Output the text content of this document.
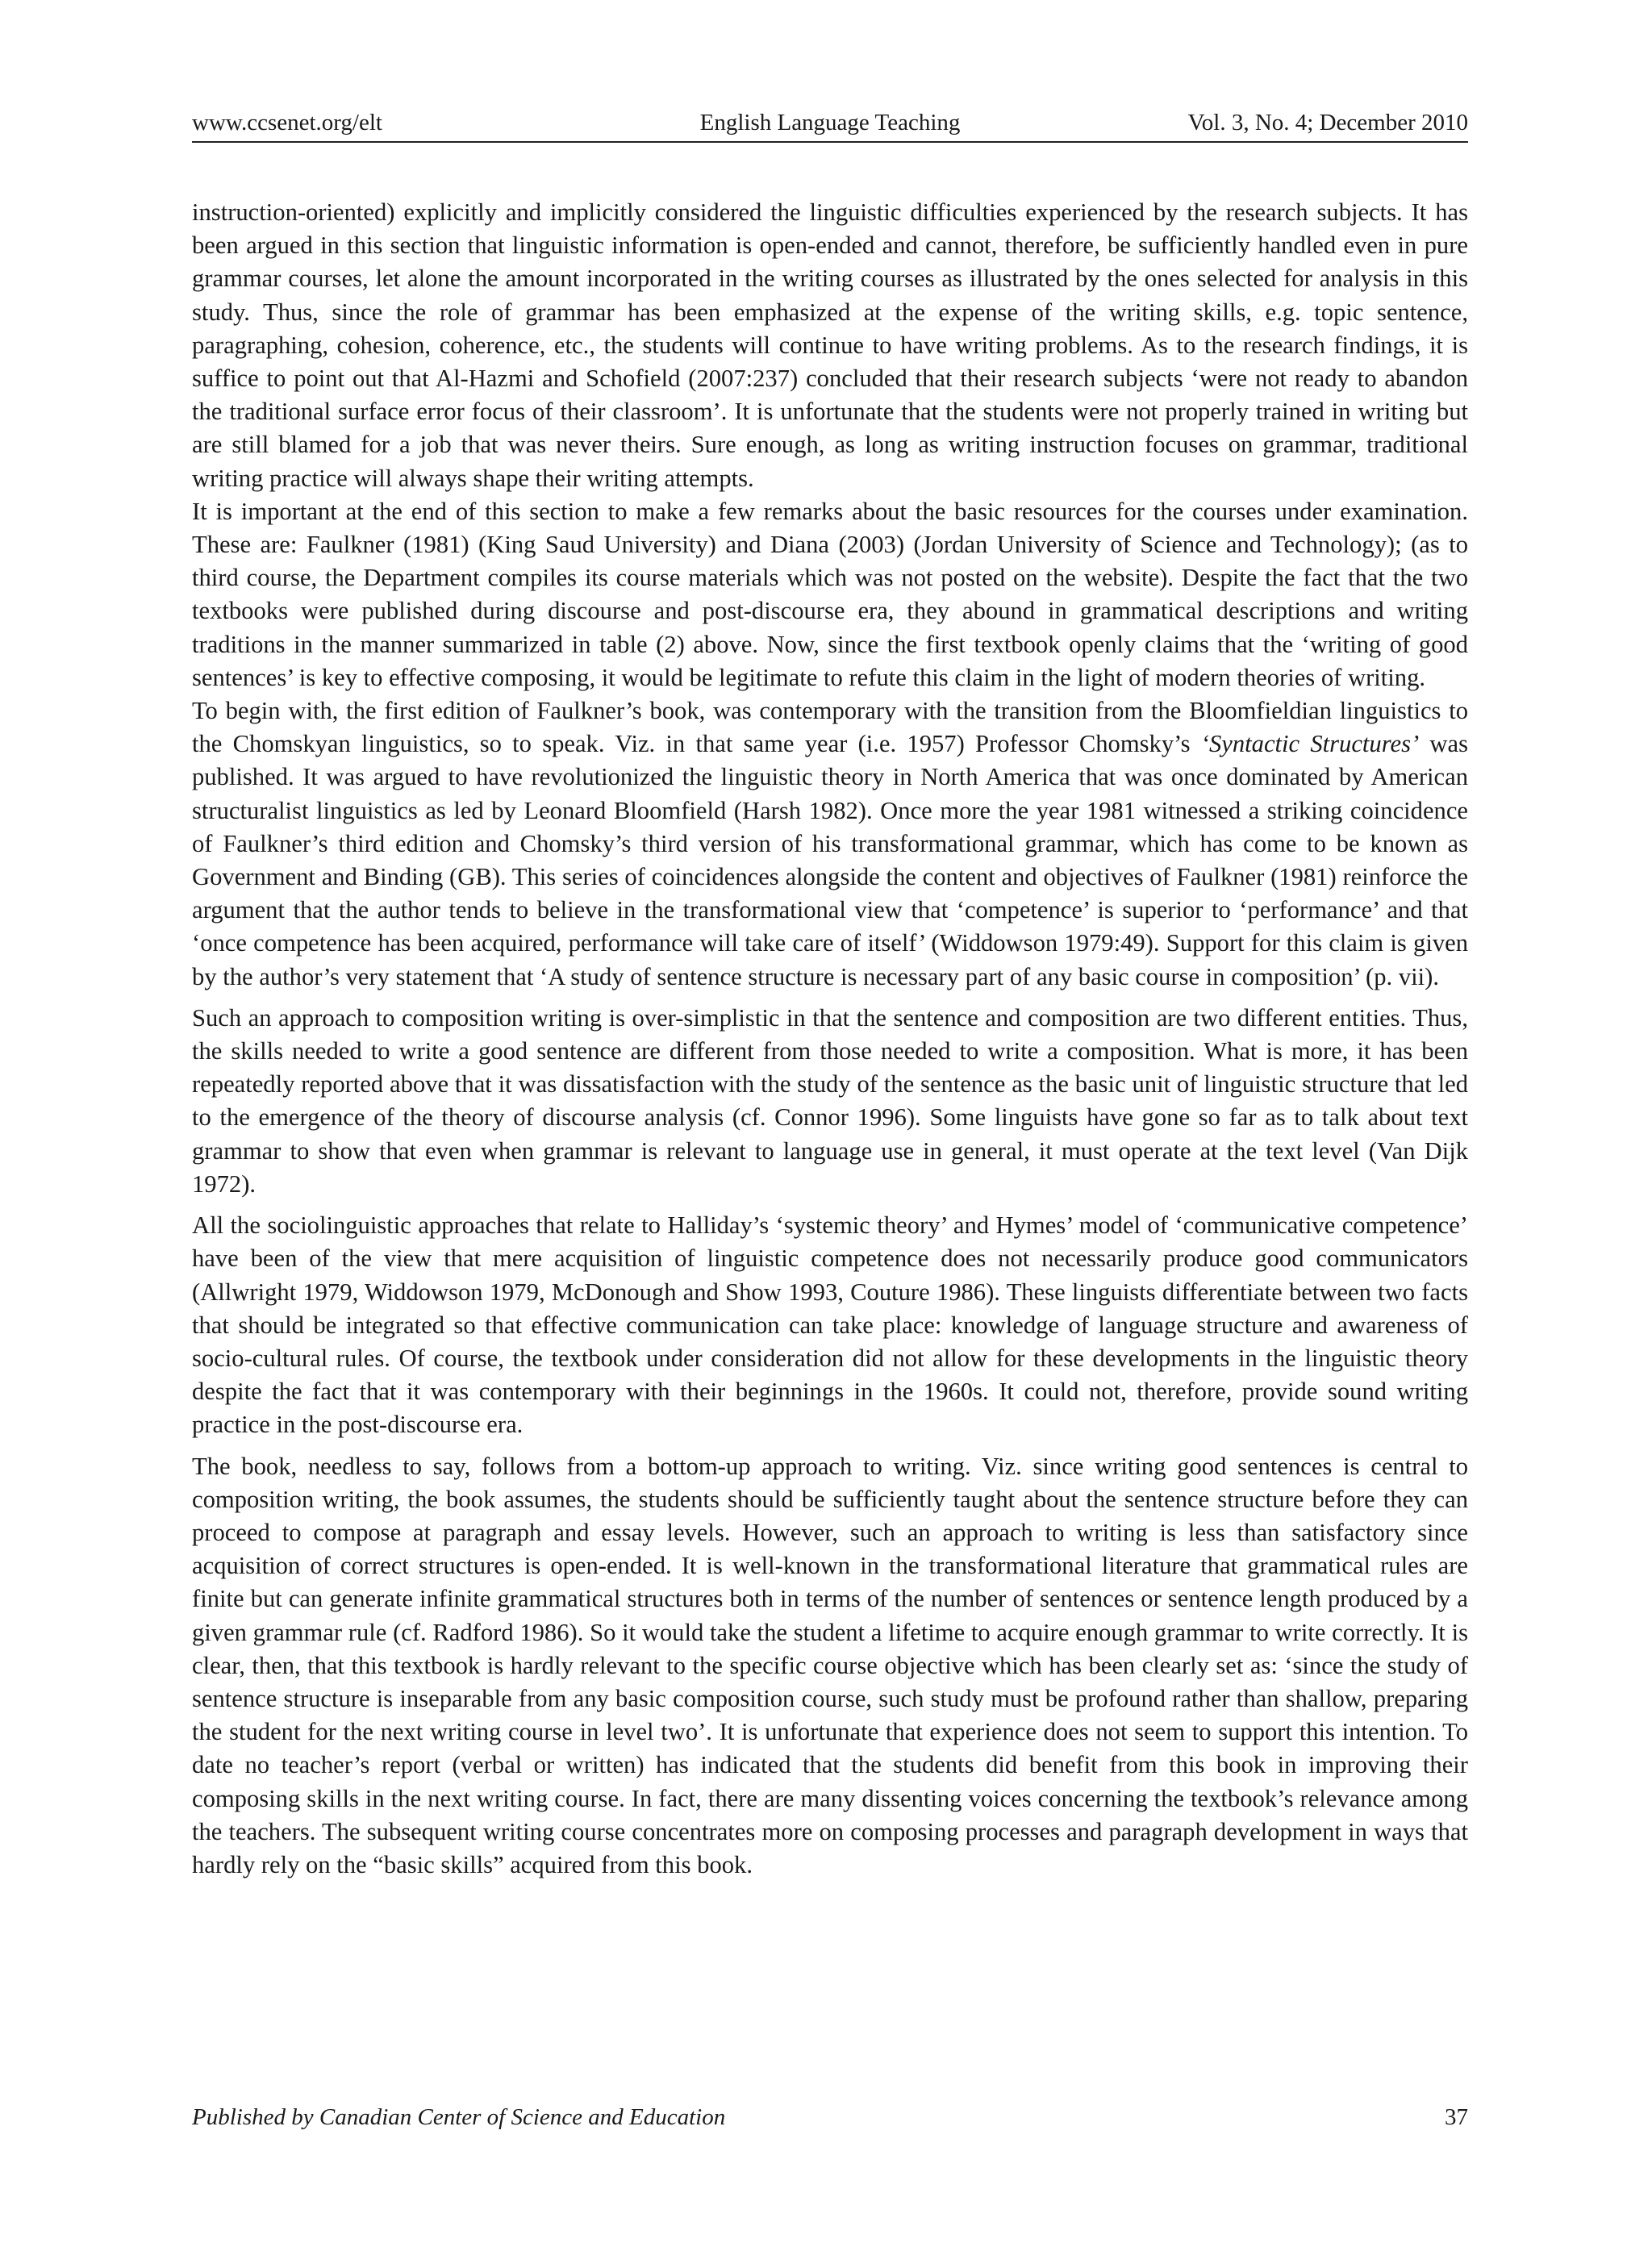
www.ccsenet.org/elt	English Language Teaching	Vol. 3, No. 4; December 2010

instruction-oriented) explicitly and implicitly considered the linguistic difficulties experienced by the research subjects. It has been argued in this section that linguistic information is open-ended and cannot, therefore, be sufficiently handled even in pure grammar courses, let alone the amount incorporated in the writing courses as illustrated by the ones selected for analysis in this study. Thus, since the role of grammar has been emphasized at the expense of the writing skills, e.g. topic sentence, paragraphing, cohesion, coherence, etc., the students will continue to have writing problems. As to the research findings, it is suffice to point out that Al-Hazmi and Schofield (2007:237) concluded that their research subjects ‘were not ready to abandon the traditional surface error focus of their classroom’. It is unfortunate that the students were not properly trained in writing but are still blamed for a job that was never theirs. Sure enough, as long as writing instruction focuses on grammar, traditional writing practice will always shape their writing attempts.

It is important at the end of this section to make a few remarks about the basic resources for the courses under examination. These are: Faulkner (1981) (King Saud University) and Diana (2003) (Jordan University of Science and Technology); (as to third course, the Department compiles its course materials which was not posted on the website). Despite the fact that the two textbooks were published during discourse and post-discourse era, they abound in grammatical descriptions and writing traditions in the manner summarized in table (2) above. Now, since the first textbook openly claims that the ‘writing of good sentences’ is key to effective composing, it would be legitimate to refute this claim in the light of modern theories of writing.

To begin with, the first edition of Faulkner’s book, was contemporary with the transition from the Bloomfieldian linguistics to the Chomskyan linguistics, so to speak. Viz. in that same year (i.e. 1957) Professor Chomsky’s ‘Syntactic Structures’ was published. It was argued to have revolutionized the linguistic theory in North America that was once dominated by American structuralist linguistics as led by Leonard Bloomfield (Harsh 1982). Once more the year 1981 witnessed a striking coincidence of Faulkner’s third edition and Chomsky’s third version of his transformational grammar, which has come to be known as Government and Binding (GB). This series of coincidences alongside the content and objectives of Faulkner (1981) reinforce the argument that the author tends to believe in the transformational view that ‘competence’ is superior to ‘performance’ and that ‘once competence has been acquired, performance will take care of itself’ (Widdowson 1979:49). Support for this claim is given by the author’s very statement that ‘A study of sentence structure is necessary part of any basic course in composition’ (p. vii).

Such an approach to composition writing is over-simplistic in that the sentence and composition are two different entities. Thus, the skills needed to write a good sentence are different from those needed to write a composition. What is more, it has been repeatedly reported above that it was dissatisfaction with the study of the sentence as the basic unit of linguistic structure that led to the emergence of the theory of discourse analysis (cf. Connor 1996). Some linguists have gone so far as to talk about text grammar to show that even when grammar is relevant to language use in general, it must operate at the text level (Van Dijk 1972).

All the sociolinguistic approaches that relate to Halliday’s ‘systemic theory’ and Hymes’ model of ‘communicative competence’ have been of the view that mere acquisition of linguistic competence does not necessarily produce good communicators (Allwright 1979, Widdowson 1979, McDonough and Show 1993, Couture 1986). These linguists differentiate between two facts that should be integrated so that effective communication can take place: knowledge of language structure and awareness of socio-cultural rules. Of course, the textbook under consideration did not allow for these developments in the linguistic theory despite the fact that it was contemporary with their beginnings in the 1960s. It could not, therefore, provide sound writing practice in the post-discourse era.

The book, needless to say, follows from a bottom-up approach to writing. Viz. since writing good sentences is central to composition writing, the book assumes, the students should be sufficiently taught about the sentence structure before they can proceed to compose at paragraph and essay levels. However, such an approach to writing is less than satisfactory since acquisition of correct structures is open-ended. It is well-known in the transformational literature that grammatical rules are finite but can generate infinite grammatical structures both in terms of the number of sentences or sentence length produced by a given grammar rule (cf. Radford 1986). So it would take the student a lifetime to acquire enough grammar to write correctly. It is clear, then, that this textbook is hardly relevant to the specific course objective which has been clearly set as: ‘since the study of sentence structure is inseparable from any basic composition course, such study must be profound rather than shallow, preparing the student for the next writing course in level two’. It is unfortunate that experience does not seem to support this intention. To date no teacher’s report (verbal or written) has indicated that the students did benefit from this book in improving their composing skills in the next writing course. In fact, there are many dissenting voices concerning the textbook’s relevance among the teachers. The subsequent writing course concentrates more on composing processes and paragraph development in ways that hardly rely on the “basic skills” acquired from this book.

Published by Canadian Center of Science and Education	37
